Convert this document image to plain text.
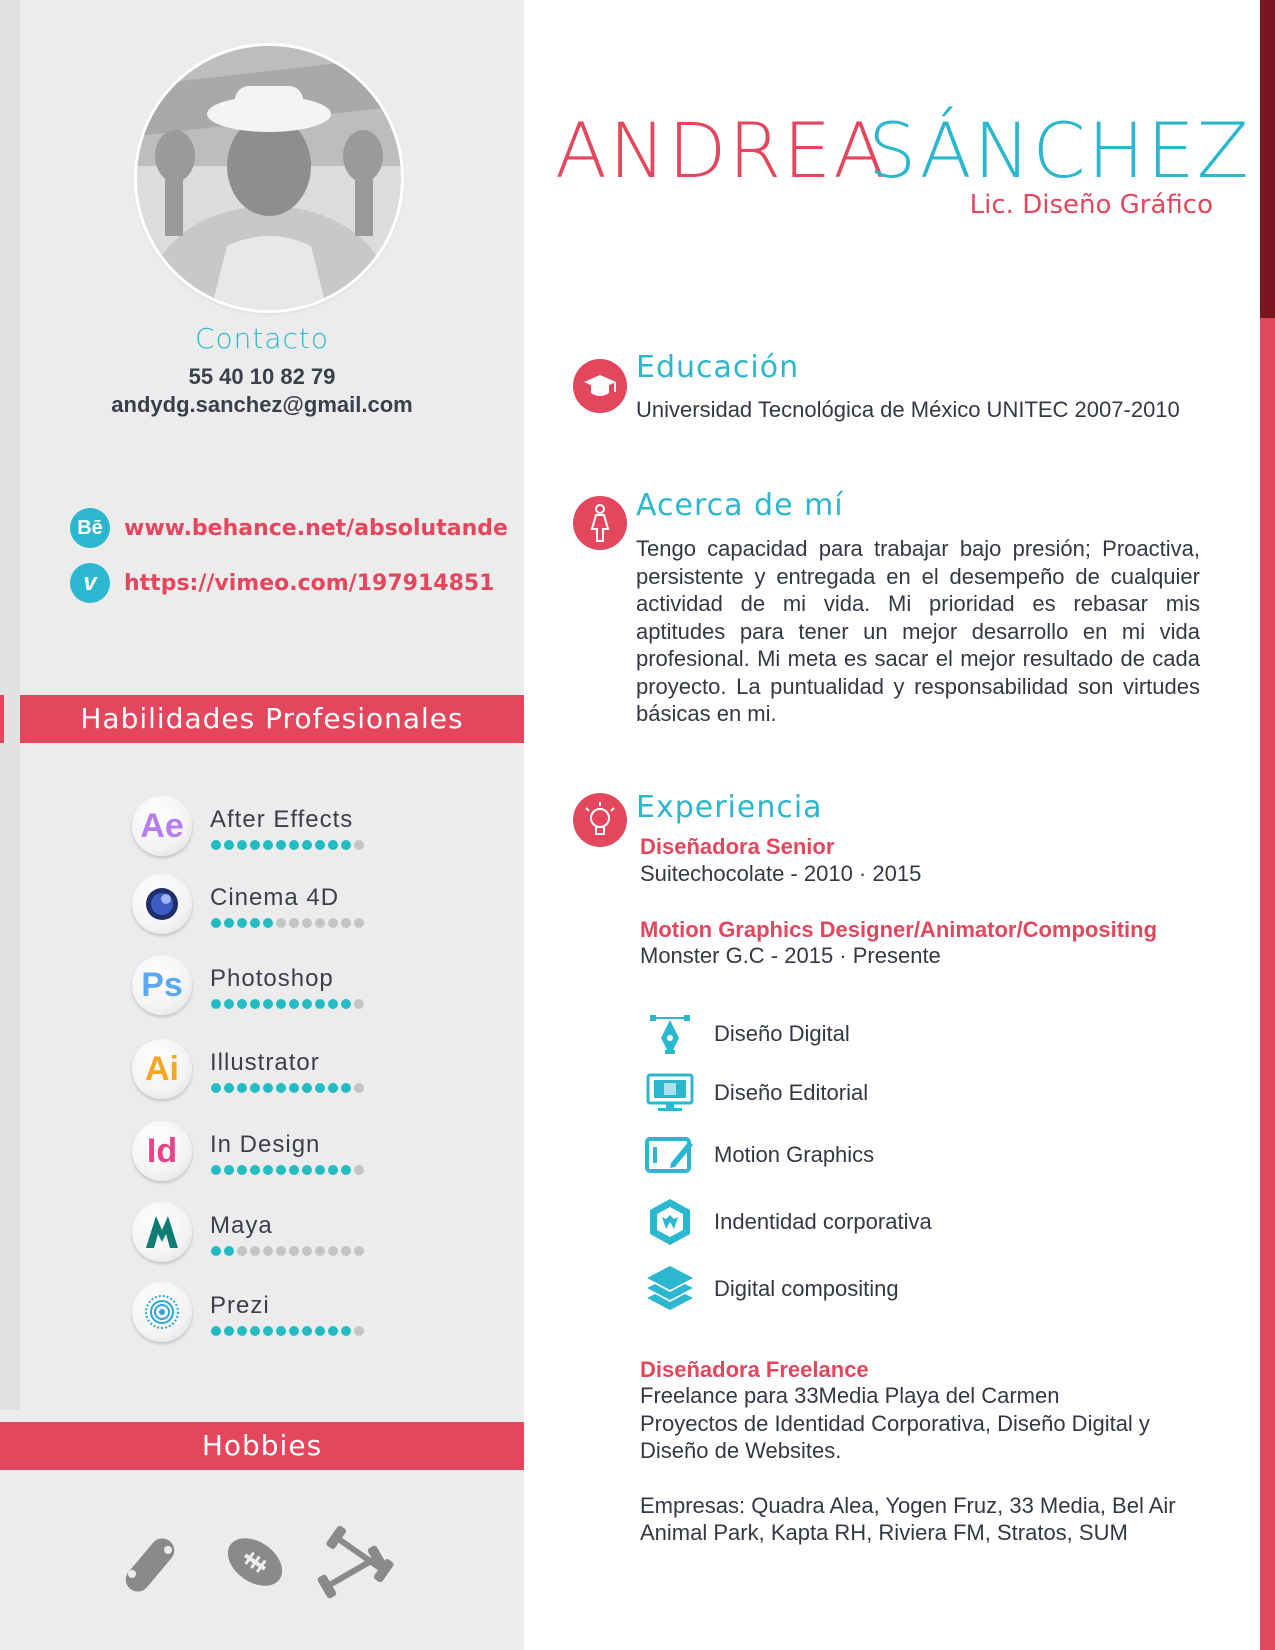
Contacto
55 40 10 82 79
andydg.sanchez@gmail.com
Bē www.behance.net/absolutande
v	https://vimeo.com/197914851
Habilidades Profesionales
Ae	After Effects
Cinema 4D
Ps	Photoshop
Ai	Illustrator
Id	In Design
Maya
Prezi
Hobbies
ANDREA
SÁNCHEZ
Lic. Diseño Gráfico
Educación
Universidad Tecnológica de México UNITEC 2007-2010
Acerca de mí
Tengo capacidad para trabajar bajo presión; Proactiva, persistente y entregada en el desempeño de cualquier actividad de mi vida. Mi prioridad es rebasar mis aptitudes para tener un mejor desarrollo en mi vida profesional. Mi meta es sacar el mejor resultado de cada proyecto. La puntualidad y responsabilidad son virtudes básicas en mi.
Experiencia
Diseñadora Senior
Suitechocolate - 2010 · 2015
Motion Graphics Designer/Animator/Compositing
Monster G.C - 2015 · Presente
Diseño Digital
Diseño Editorial
Motion Graphics
Indentidad corporativa
Digital compositing
Diseñadora Freelance
Freelance para 33Media Playa del Carmen
Proyectos de Identidad Corporativa, Diseño Digital y
Diseño de Websites.
Empresas: Quadra Alea, Yogen Fruz, 33 Media, Bel Air
Animal Park, Kapta RH, Riviera FM, Stratos, SUM
